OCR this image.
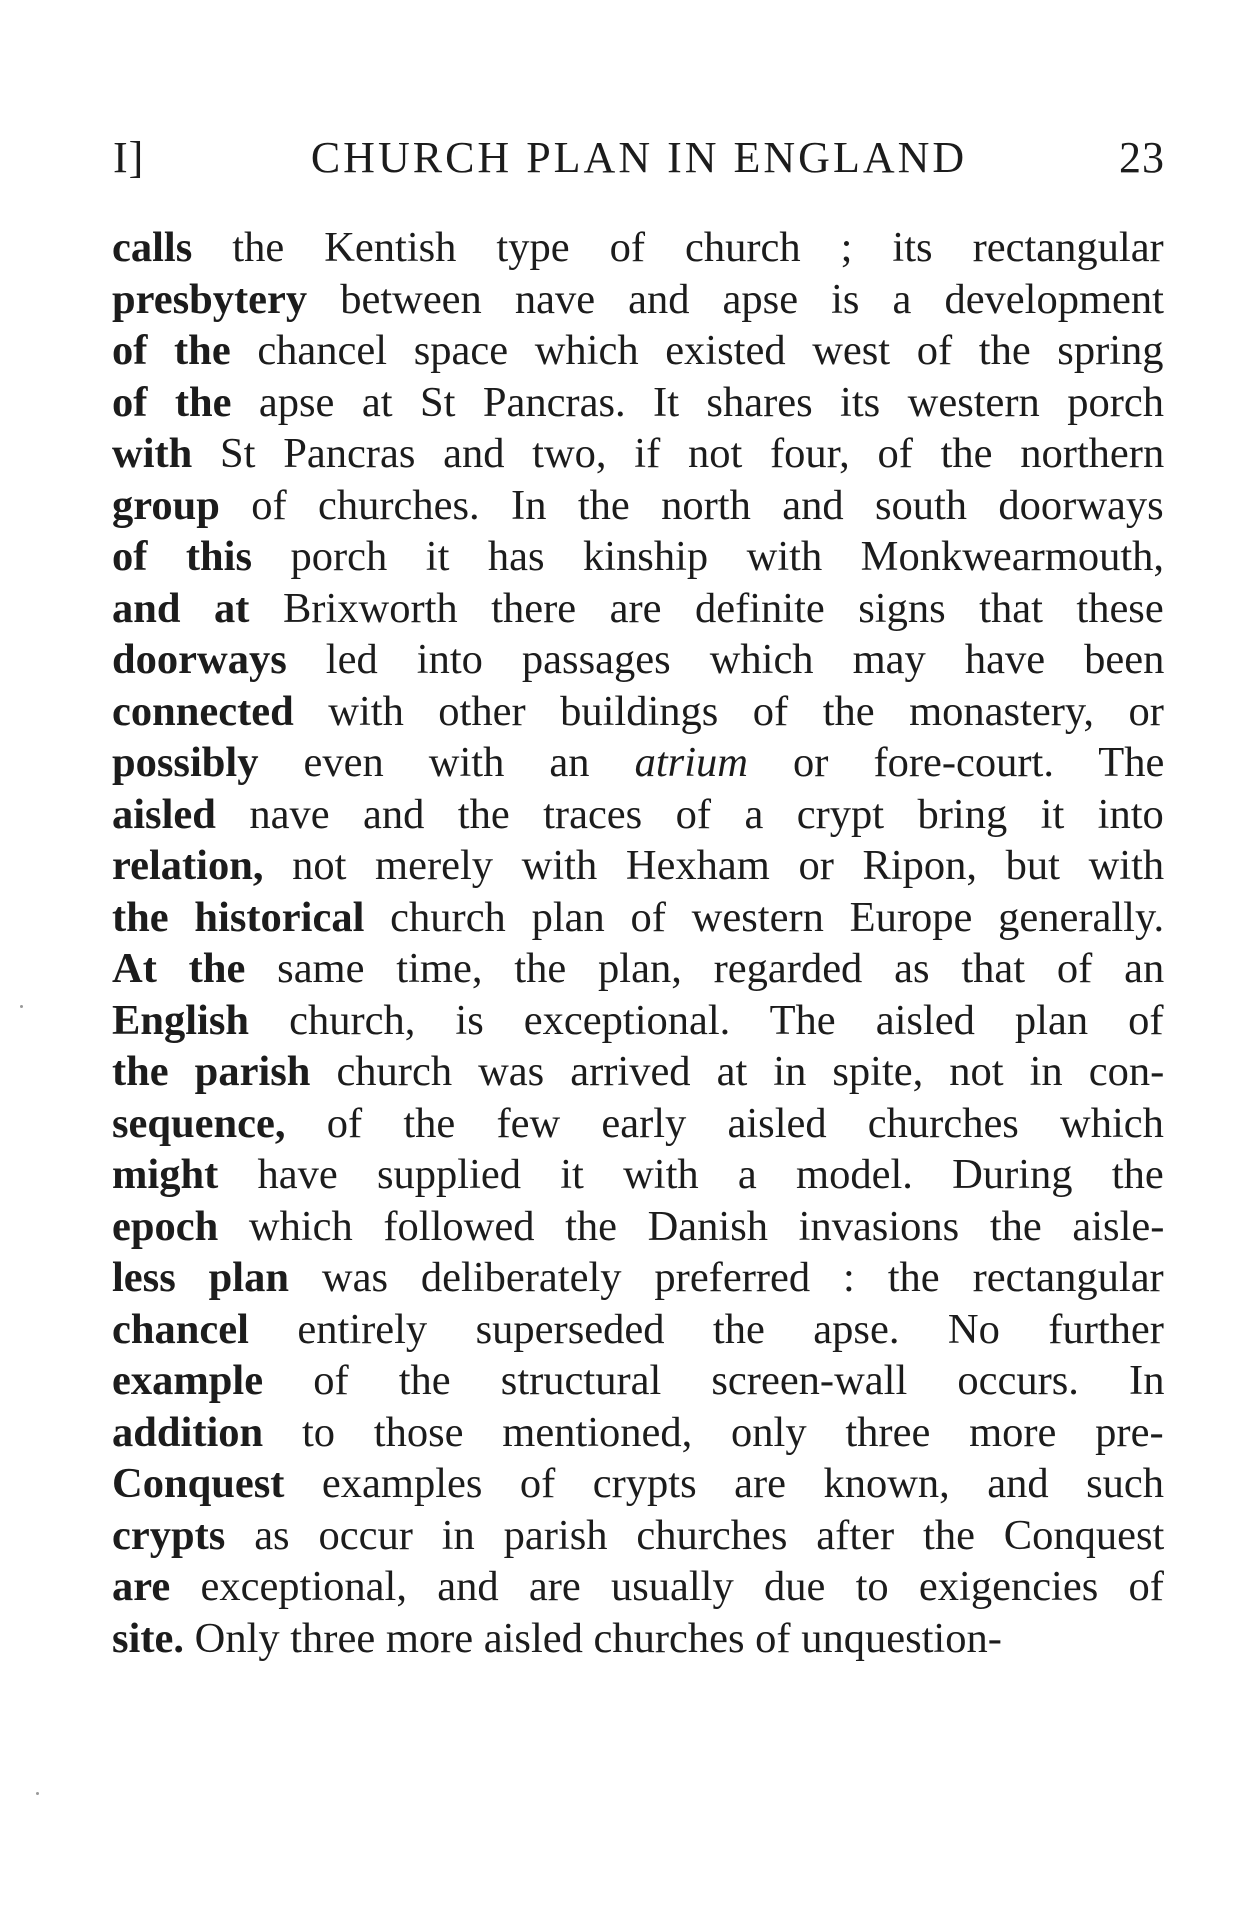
I]	CHURCH PLAN IN ENGLAND	23
calls the Kentish type of church ; its rectangular
presbytery between nave and apse is a development
of the chancel space which existed west of the spring
of the apse at St Pancras. It shares its western porch
with St Pancras and two, if not four, of the northern
group of churches. In the north and south doorways
of this porch it has kinship with Monkwearmouth,
and at Brixworth there are definite signs that these
doorways led into passages which may have been
connected with other buildings of the monastery, or
possibly even with an atrium or fore-court. The
aisled nave and the traces of a crypt bring it into
relation, not merely with Hexham or Ripon, but with
the historical church plan of western Europe generally.
At the same time, the plan, regarded as that of an
English church, is exceptional. The aisled plan of
the parish church was arrived at in spite, not in con-
sequence, of the few early aisled churches which
might have supplied it with a model. During the
epoch which followed the Danish invasions the aisle-
less plan was deliberately preferred : the rectangular
chancel entirely superseded the apse. No further
example of the structural screen-wall occurs. In
addition to those mentioned, only three more pre-
Conquest examples of crypts are known, and such
crypts as occur in parish churches after the Conquest
are exceptional, and are usually due to exigencies of
site. Only three more aisled churches of unquestion-
